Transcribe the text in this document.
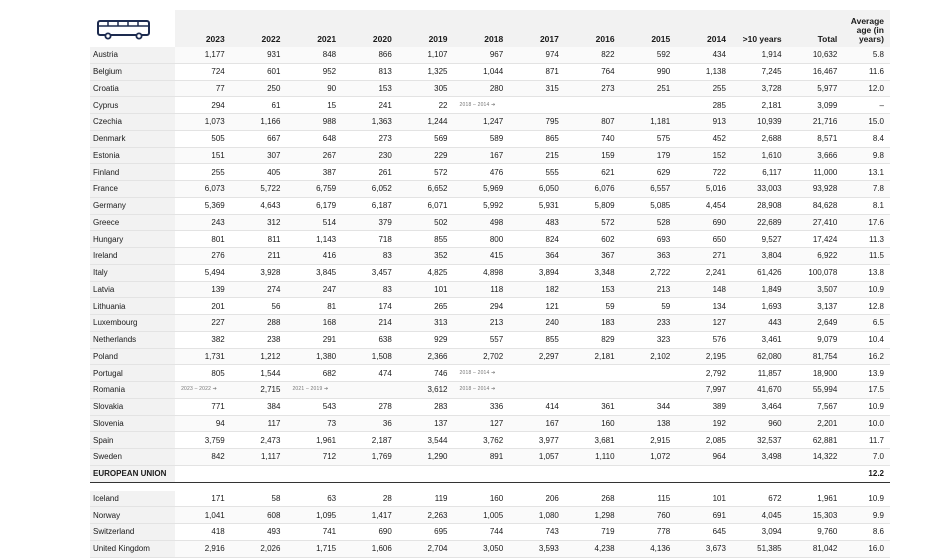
	2023	2022	2021	2020	2019	2018	2017	2016	2015	2014	>10 years	Total	Average age (in years)
Austria	1,177	931	848	866	1,107	967	974	822	592	434	1,914	10,632	5.8
Belgium	724	601	952	813	1,325	1,044	871	764	990	1,138	7,245	16,467	11.6
Croatia	77	250	90	153	305	280	315	273	251	255	3,728	5,977	12.0
Cyprus	294	61	15	241	22	2018 – 2014 ➔				285	2,181	3,099	–
Czechia	1,073	1,166	988	1,363	1,244	1,247	795	807	1,181	913	10,939	21,716	15.0
Denmark	505	667	648	273	569	589	865	740	575	452	2,688	8,571	8.4
Estonia	151	307	267	230	229	167	215	159	179	152	1,610	3,666	9.8
Finland	255	405	387	261	572	476	555	621	629	722	6,117	11,000	13.1
France	6,073	5,722	6,759	6,052	6,652	5,969	6,050	6,076	6,557	5,016	33,003	93,928	7.8
Germany	5,369	4,643	6,179	6,187	6,071	5,992	5,931	5,809	5,085	4,454	28,908	84,628	8.1
Greece	243	312	514	379	502	498	483	572	528	690	22,689	27,410	17.6
Hungary	801	811	1,143	718	855	800	824	602	693	650	9,527	17,424	11.3
Ireland	276	211	416	83	352	415	364	367	363	271	3,804	6,922	11.5
Italy	5,494	3,928	3,845	3,457	4,825	4,898	3,894	3,348	2,722	2,241	61,426	100,078	13.8
Latvia	139	274	247	83	101	118	182	153	213	148	1,849	3,507	10.9
Lithuania	201	56	81	174	265	294	121	59	59	134	1,693	3,137	12.8
Luxembourg	227	288	168	214	313	213	240	183	233	127	443	2,649	6.5
Netherlands	382	238	291	638	929	557	855	829	323	576	3,461	9,079	10.4
Poland	1,731	1,212	1,380	1,508	2,366	2,702	2,297	2,181	2,102	2,195	62,080	81,754	16.2
Portugal	805	1,544	682	474	746	2018 – 2014 ➔				2,792	11,857	18,900	13.9
Romania	2023 – 2022 ➔	2,715	2021 – 2019 ➔		3,612	2018 – 2014 ➔				7,997	41,670	55,994	17.5
Slovakia	771	384	543	278	283	336	414	361	344	389	3,464	7,567	10.9
Slovenia	94	117	73	36	137	127	167	160	138	192	960	2,201	10.0
Spain	3,759	2,473	1,961	2,187	3,544	3,762	3,977	3,681	2,915	2,085	32,537	62,881	11.7
Sweden	842	1,117	712	1,769	1,290	891	1,057	1,110	1,072	964	3,498	14,322	7.0
EUROPEAN UNION													12.2

Iceland	171	58	63	28	119	160	206	268	115	101	672	1,961	10.9
Norway	1,041	608	1,095	1,417	2,263	1,005	1,080	1,298	760	691	4,045	15,303	9.9
Switzerland	418	493	741	690	695	744	743	719	778	645	3,094	9,760	8.6
United Kingdom	2,916	2,026	1,715	1,606	2,704	3,050	3,593	4,238	4,136	3,673	51,385	81,042	16.0
